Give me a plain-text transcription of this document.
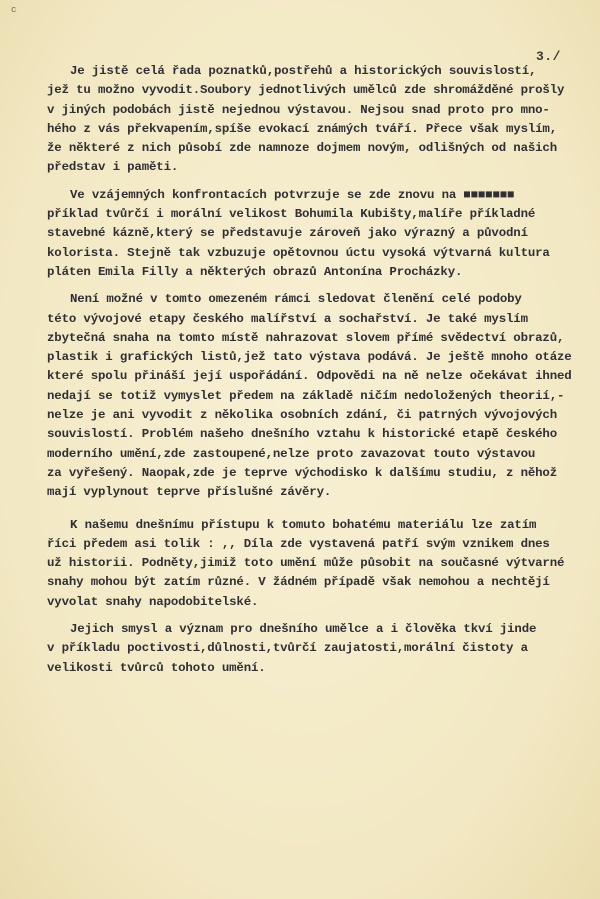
c
3./
Je jistě celá řada poznatků,postřehů a historických souvislostí,
jež tu možno vyvodit.Soubory jednotlivých umělců zde shromážděné prošly
v jiných podobách jistě nejednou výstavou. Nejsou snad proto pro mno-
hého z vás překvapením,spíše evokací známých tváří. Přece však myslím,
že některé z nich působí zde namnoze dojmem novým, odlišných od našich
představ i paměti.
Ve vzájemných konfrontacích potvrzuje se zde znovu na ■■■■■■■
příklad tvůrčí i morální velikost Bohumila Kubišty,malíře příkladné
stavebné kázně,který se představuje zároveň jako výrazný a původní
kolorista. Stejně tak vzbuzuje opětovnou úctu vysoká výtvarná kultura
pláten Emila Filly a některých obrazů Antonína Procházky.
Není možné v tomto omezeném rámci sledovat členění celé podoby
této vývojové etapy českého malířství a sochařství. Je také myslím
zbytečná snaha na tomto místě nahrazovat slovem přímé svědectví obrazů,
plastik i grafických listů,jež tato výstava podává. Je ještě mnoho otáze
které spolu přináší její uspořádání. Odpovědi na ně nelze očekávat ihned
nedají se totiž vymyslet předem na základě ničím nedoložených theorií,-
nelze je ani vyvodit z několika osobních zdání, či patrných vývojových
souvislostí. Problém našeho dnešního vztahu k historické etapě českého
moderního umění,zde zastoupené,nelze proto zavazovat touto výstavou
za vyřešený. Naopak,zde je teprve východisko k dalšímu studiu, z něhož
mají vyplynout teprve příslušné závěry.
K našemu dnešnímu přístupu k tomuto bohatému materiálu lze zatím
říci předem asi tolik : ,, Díla zde vystavená patří svým vznikem dnes
už historii. Podněty,jimiž toto umění může působit na současné výtvarné
snahy mohou být zatím různé. V žádném případě však nemohou a nechtějí
vyvolat snahy napodobitelské.
Jejich smysl a význam pro dnešního umělce a i člověka tkví jinde
v příkladu poctivosti,důlnosti,tvůrčí zaujatosti,morální čistoty a
velikosti tvůrců tohoto umění.
